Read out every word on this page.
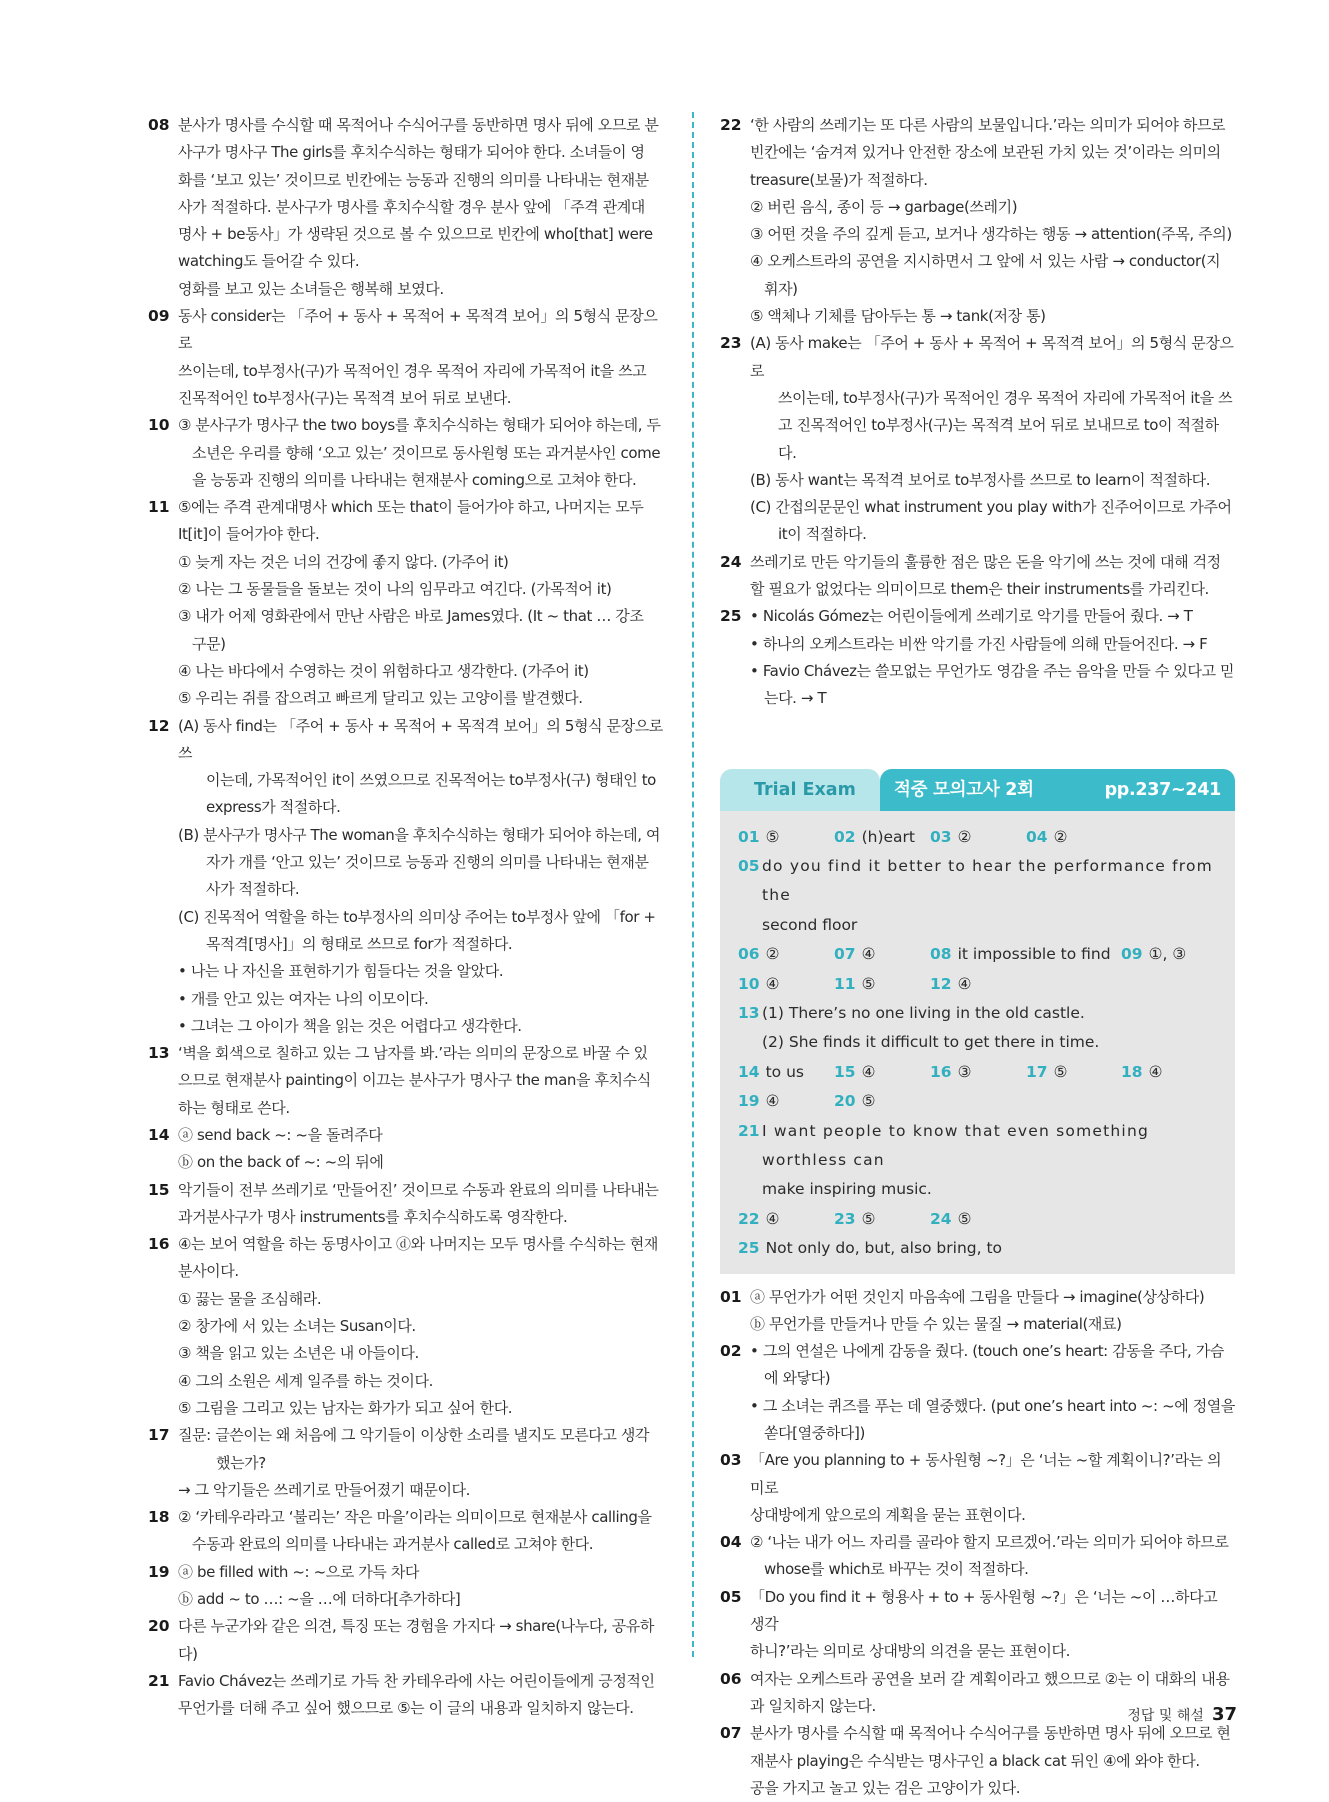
08 분사가 명사를 수식할 때 목적어나 수식어구를 동반하면 명사 뒤에 오므로 분
사구가 명사구 The girls를 후치수식하는 형태가 되어야 한다. 소녀들이 영
화를 ‘보고 있는’ 것이므로 빈칸에는 능동과 진행의 의미를 나타내는 현재분
사가 적절하다. 분사구가 명사를 후치수식할 경우 분사 앞에 「주격 관계대
명사 + be동사」가 생략된 것으로 볼 수 있으므로 빈칸에 who[that] were
watching도 들어갈 수 있다.
영화를 보고 있는 소녀들은 행복해 보였다.
09 동사 consider는 「주어 + 동사 + 목적어 + 목적격 보어」의 5형식 문장으로
쓰이는데, to부정사(구)가 목적어인 경우 목적어 자리에 가목적어 it을 쓰고
진목적어인 to부정사(구)는 목적격 보어 뒤로 보낸다.
10 ③ 분사구가 명사구 the two boys를 후치수식하는 형태가 되어야 하는데, 두
소년은 우리를 향해 ‘오고 있는’ 것이므로 동사원형 또는 과거분사인 come
을 능동과 진행의 의미를 나타내는 현재분사 coming으로 고쳐야 한다.
11 ⑤에는 주격 관계대명사 which 또는 that이 들어가야 하고, 나머지는 모두
It[it]이 들어가야 한다.
① 늦게 자는 것은 너의 건강에 좋지 않다. (가주어 it)
② 나는 그 동물들을 돌보는 것이 나의 임무라고 여긴다. (가목적어 it)
③ 내가 어제 영화관에서 만난 사람은 바로 James였다. (It ~ that … 강조
구문)
④ 나는 바다에서 수영하는 것이 위험하다고 생각한다. (가주어 it)
⑤ 우리는 쥐를 잡으려고 빠르게 달리고 있는 고양이를 발견했다.
12 (A) 동사 find는 「주어 + 동사 + 목적어 + 목적격 보어」의 5형식 문장으로 쓰
이는데, 가목적어인 it이 쓰였으므로 진목적어는 to부정사(구) 형태인 to
express가 적절하다.
(B) 분사구가 명사구 The woman을 후치수식하는 형태가 되어야 하는데, 여
자가 개를 ‘안고 있는’ 것이므로 능동과 진행의 의미를 나타내는 현재분
사가 적절하다.
(C) 진목적어 역할을 하는 to부정사의 의미상 주어는 to부정사 앞에 「for +
목적격[명사]」의 형태로 쓰므로 for가 적절하다.
• 나는 나 자신을 표현하기가 힘들다는 것을 알았다.
• 개를 안고 있는 여자는 나의 이모이다.
• 그녀는 그 아이가 책을 읽는 것은 어렵다고 생각한다.
13 ‘벽을 회색으로 칠하고 있는 그 남자를 봐.’라는 의미의 문장으로 바꿀 수 있
으므로 현재분사 painting이 이끄는 분사구가 명사구 the man을 후치수식
하는 형태로 쓴다.
14 ⓐ send back ~: ~을 돌려주다
ⓑ on the back of ~: ~의 뒤에
15 악기들이 전부 쓰레기로 ‘만들어진’ 것이므로 수동과 완료의 의미를 나타내는
과거분사구가 명사 instruments를 후치수식하도록 영작한다.
16 ④는 보어 역할을 하는 동명사이고 ⓓ와 나머지는 모두 명사를 수식하는 현재
분사이다.
① 끓는 물을 조심해라.
② 창가에 서 있는 소녀는 Susan이다.
③ 책을 읽고 있는 소년은 내 아들이다.
④ 그의 소원은 세계 일주를 하는 것이다.
⑤ 그림을 그리고 있는 남자는 화가가 되고 싶어 한다.
17 질문: 글쓴이는 왜 처음에 그 악기들이 이상한 소리를 낼지도 모른다고 생각
했는가?
→ 그 악기들은 쓰레기로 만들어졌기 때문이다.
18 ② ‘카테우라라고 ‘불리는’ 작은 마을’이라는 의미이므로 현재분사 calling을
수동과 완료의 의미를 나타내는 과거분사 called로 고쳐야 한다.
19 ⓐ be filled with ~: ~으로 가득 차다
ⓑ add ~ to …: ~을 …에 더하다[추가하다]
20 다른 누군가와 같은 의견, 특징 또는 경험을 가지다 → share(나누다, 공유하다)
21 Favio Chávez는 쓰레기로 가득 찬 카테우라에 사는 어린이들에게 긍정적인
무언가를 더해 주고 싶어 했으므로 ⑤는 이 글의 내용과 일치하지 않는다.
22 ‘한 사람의 쓰레기는 또 다른 사람의 보물입니다.’라는 의미가 되어야 하므로
빈칸에는 ‘숨겨져 있거나 안전한 장소에 보관된 가치 있는 것’이라는 의미의
treasure(보물)가 적절하다.
② 버린 음식, 종이 등 → garbage(쓰레기)
③ 어떤 것을 주의 깊게 듣고, 보거나 생각하는 행동 → attention(주목, 주의)
④ 오케스트라의 공연을 지시하면서 그 앞에 서 있는 사람 → conductor(지
휘자)
⑤ 액체나 기체를 담아두는 통 → tank(저장 통)
23 (A) 동사 make는 「주어 + 동사 + 목적어 + 목적격 보어」의 5형식 문장으로
쓰이는데, to부정사(구)가 목적어인 경우 목적어 자리에 가목적어 it을 쓰
고 진목적어인 to부정사(구)는 목적격 보어 뒤로 보내므로 to이 적절하다.
(B) 동사 want는 목적격 보어로 to부정사를 쓰므로 to learn이 적절하다.
(C) 간접의문문인 what instrument you play with가 진주어이므로 가주어
it이 적절하다.
24 쓰레기로 만든 악기들의 훌륭한 점은 많은 돈을 악기에 쓰는 것에 대해 걱정
할 필요가 없었다는 의미이므로 them은 their instruments를 가리킨다.
25 • Nicolás Gómez는 어린이들에게 쓰레기로 악기를 만들어 줬다. → T
• 하나의 오케스트라는 비싼 악기를 가진 사람들에 의해 만들어진다. → F
• Favio Chávez는 쓸모없는 무언가도 영감을 주는 음악을 만들 수 있다고 믿
는다. → T
Trial Exam	적중 모의고사 2회	pp.237~241
01 ⑤	02 (h)eart 03 ②	04 ②
05 do you find it better to hear the performance from the
second floor
06 ②	07 ④	08 it impossible to find 09 ①, ③
10 ④	11 ⑤	12 ④
13 (1) There’s no one living in the old castle.
(2) She finds it difficult to get there in time.
14 to us 15 ④	16 ③	17 ⑤	18 ④
19 ④	20 ⑤
21 I want people to know that even something worthless can
make inspiring music.
22 ④	23 ⑤	24 ⑤
25 Not only do, but, also bring, to
01 ⓐ 무언가가 어떤 것인지 마음속에 그림을 만들다 → imagine(상상하다)
ⓑ 무언가를 만들거나 만들 수 있는 물질 → material(재료)
02 • 그의 연설은 나에게 감동을 줬다. (touch one’s heart: 감동을 주다, 가슴
에 와닿다)
• 그 소녀는 퀴즈를 푸는 데 열중했다. (put one’s heart into ~: ~에 정열을
쏟다[열중하다])
03 「Are you planning to + 동사원형 ~?」은 ‘너는 ~할 계획이니?’라는 의미로
상대방에게 앞으로의 계획을 묻는 표현이다.
04 ② ‘나는 내가 어느 자리를 골라야 할지 모르겠어.’라는 의미가 되어야 하므로
whose를 which로 바꾸는 것이 적절하다.
05 「Do you find it + 형용사 + to + 동사원형 ~?」은 ‘너는 ~이 …하다고 생각
하니?’라는 의미로 상대방의 의견을 묻는 표현이다.
06 여자는 오케스트라 공연을 보러 갈 계획이라고 했으므로 ②는 이 대화의 내용
과 일치하지 않는다.
07 분사가 명사를 수식할 때 목적어나 수식어구를 동반하면 명사 뒤에 오므로 현
재분사 playing은 수식받는 명사구인 a black cat 뒤인 ④에 와야 한다.
공을 가지고 놀고 있는 검은 고양이가 있다.
정답 및 해설 37
